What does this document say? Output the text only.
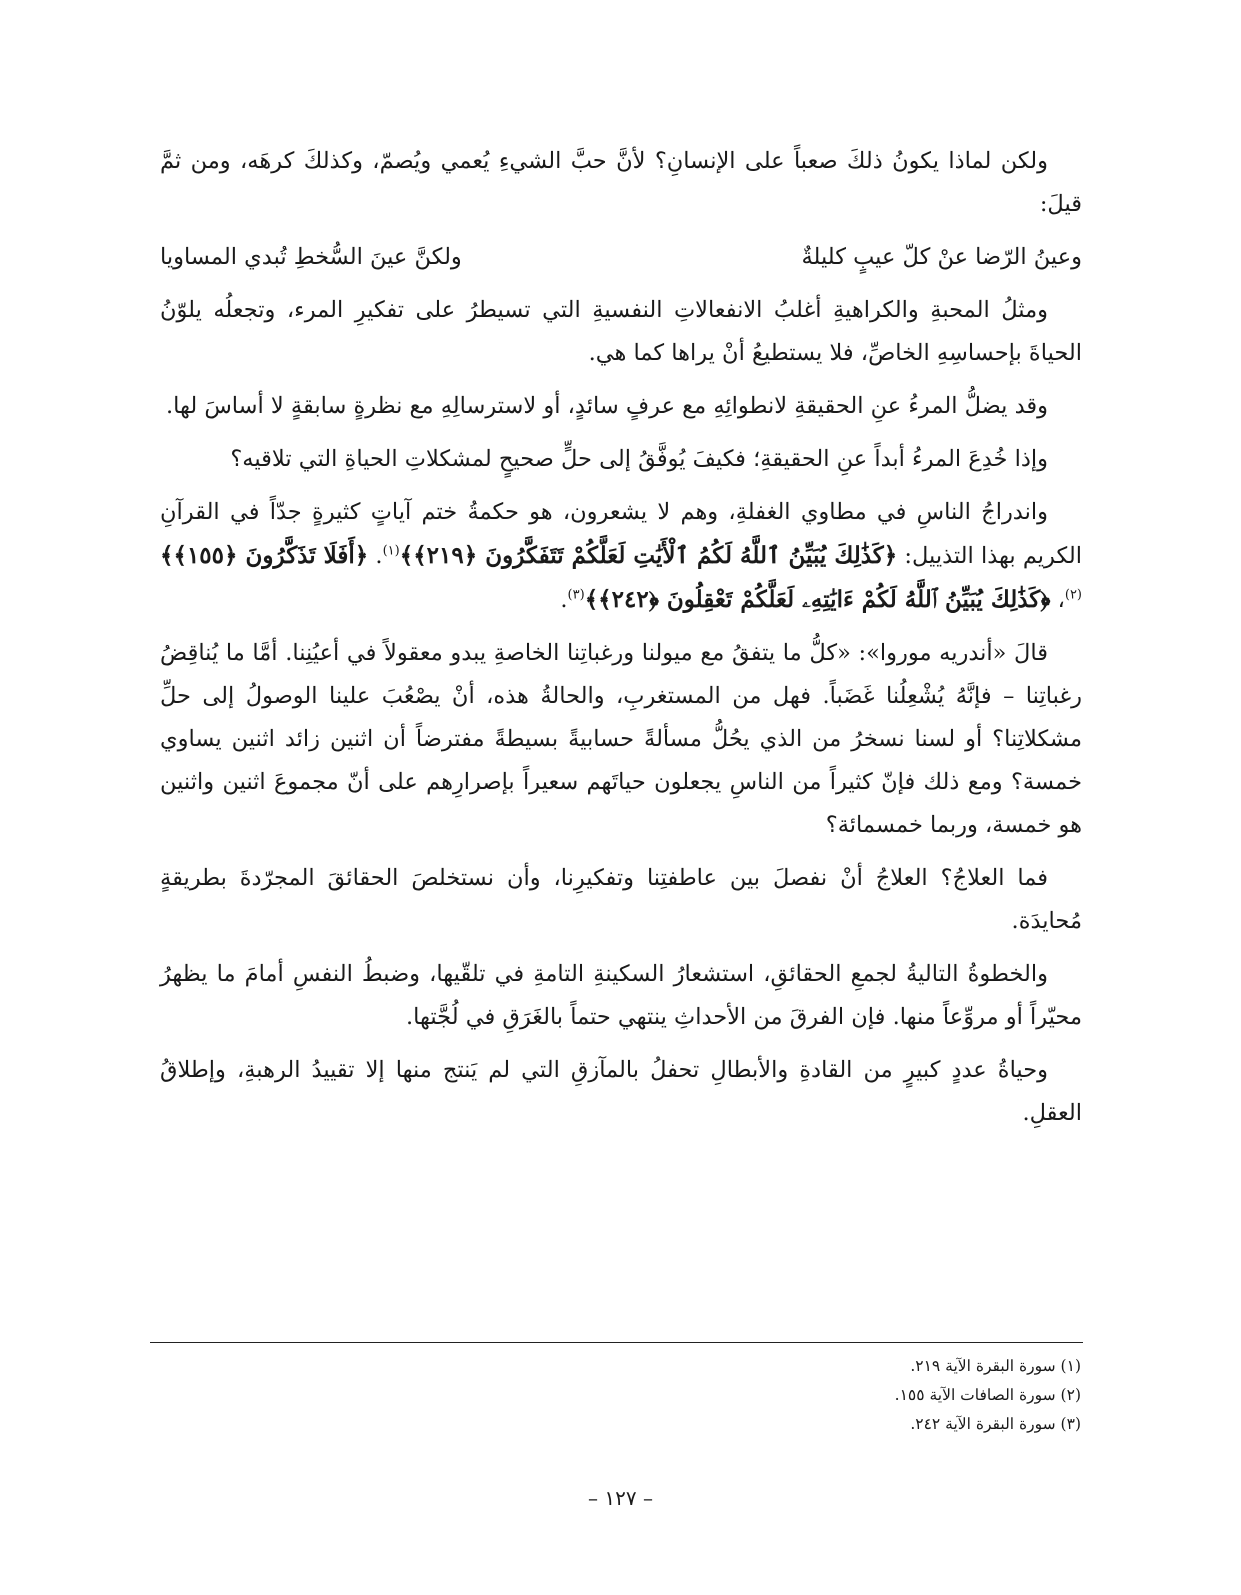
ولكن لماذا يكونُ ذلكَ صعباً على الإنسانِ؟ لأنَّ حبَّ الشيءِ يُعمي ويُصمّ، وكذلكَ كرهَه، ومن ثمَّ قيلَ:

وعينُ الرّضا عنْ كلّ عيبٍ كليلةٌ
ولكنَّ عينَ السُّخطِ تُبدي المساويا

ومثلُ المحبةِ والكراهيةِ أغلبُ الانفعالاتِ النفسيةِ التي تسيطرُ على تفكيرِ المرء، وتجعلُه يلوّنُ الحياةَ بإحساسِهِ الخاصِّ، فلا يستطيعُ أنْ يراها كما هي.

وقد يضلُّ المرءُ عنِ الحقيقةِ لانطوائِهِ مع عرفٍ سائدٍ، أو لاسترسالِهِ مع نظرةٍ سابقةٍ لا أساسَ لها.

وإذا خُدِعَ المرءُ أبداً عنِ الحقيقةِ؛ فكيفَ يُوفَّقُ إلى حلٍّ صحيحٍ لمشكلاتِ الحياةِ التي تلاقيه؟

واندراجُ الناسِ في مطاوي الغفلةِ، وهم لا يشعرون، هو حكمةُ ختم آياتٍ كثيرةٍ جدّاً في القرآنِ الكريم بهذا التذييل: ﴿كَذَٰلِكَ يُبَيِّنُ ٱللَّهُ لَكُمُ ٱلْأَيَٰتِ لَعَلَّكُمْ تَتَفَكَّرُونَ ﴿٢١٩﴾﴾$^{(١)}$. ﴿أَفَلَا تَذَكَّرُونَ ﴿١٥٥﴾﴾$^{(٢)}$، ﴿كَذَٰلِكَ يُبَيِّنُ ٱللَّهُ لَكُمْ ءَايَٰتِهِۦ لَعَلَّكُمْ تَعْقِلُونَ ﴿٢٤٢﴾﴾$^{(٣)}$.

قالَ «أندريه موروا»: «كلُّ ما يتفقُ مع ميولنا ورغباتِنا الخاصةِ يبدو معقولاً في أعيُنِنا. أمَّا ما يُناقِضُ رغباتِنا – فإنَّهُ يُشْعِلُنا غَضَباً. فهل من المستغربِ، والحالةُ هذه، أنْ يصْعُبَ علينا الوصولُ إلى حلِّ مشكلاتِنا؟ أو لسنا نسخرُ من الذي يحُلُّ مسألةً حسابيةً بسيطةً مفترضاً أن اثنين زائد اثنين يساوي خمسة؟ ومع ذلك فإنّ كثيراً من الناسِ يجعلون حياتَهم سعيراً بإصرارِهم على أنّ مجموعَ اثنين واثنين هو خمسة، وربما خمسمائة؟

فما العلاجُ؟ العلاجُ أنْ نفصلَ بين عاطفتِنا وتفكيرِنا، وأن نستخلصَ الحقائقَ المجرّدةَ بطريقةٍ مُحايدَة.

والخطوةُ التاليةُ لجمعِ الحقائقِ، استشعارُ السكينةِ التامةِ في تلقّيها، وضبطُ النفسِ أمامَ ما يظهرُ محيّراً أو مروِّعاً منها. فإن الفرقَ من الأحداثِ ينتهي حتماً بالغَرَقِ في لُجَّتها.

وحياةُ عددٍ كبيرٍ من القادةِ والأبطالِ تحفلُ بالمآزقِ التي لم يَنتج منها إلا تقييدُ الرهبةِ، وإطلاقُ العقلِ.

(١) سورة البقرة الآية ٢١٩.
(٢) سورة الصافات الآية ١٥٥.
(٣) سورة البقرة الآية ٢٤٢.
– ١٢٧ –
